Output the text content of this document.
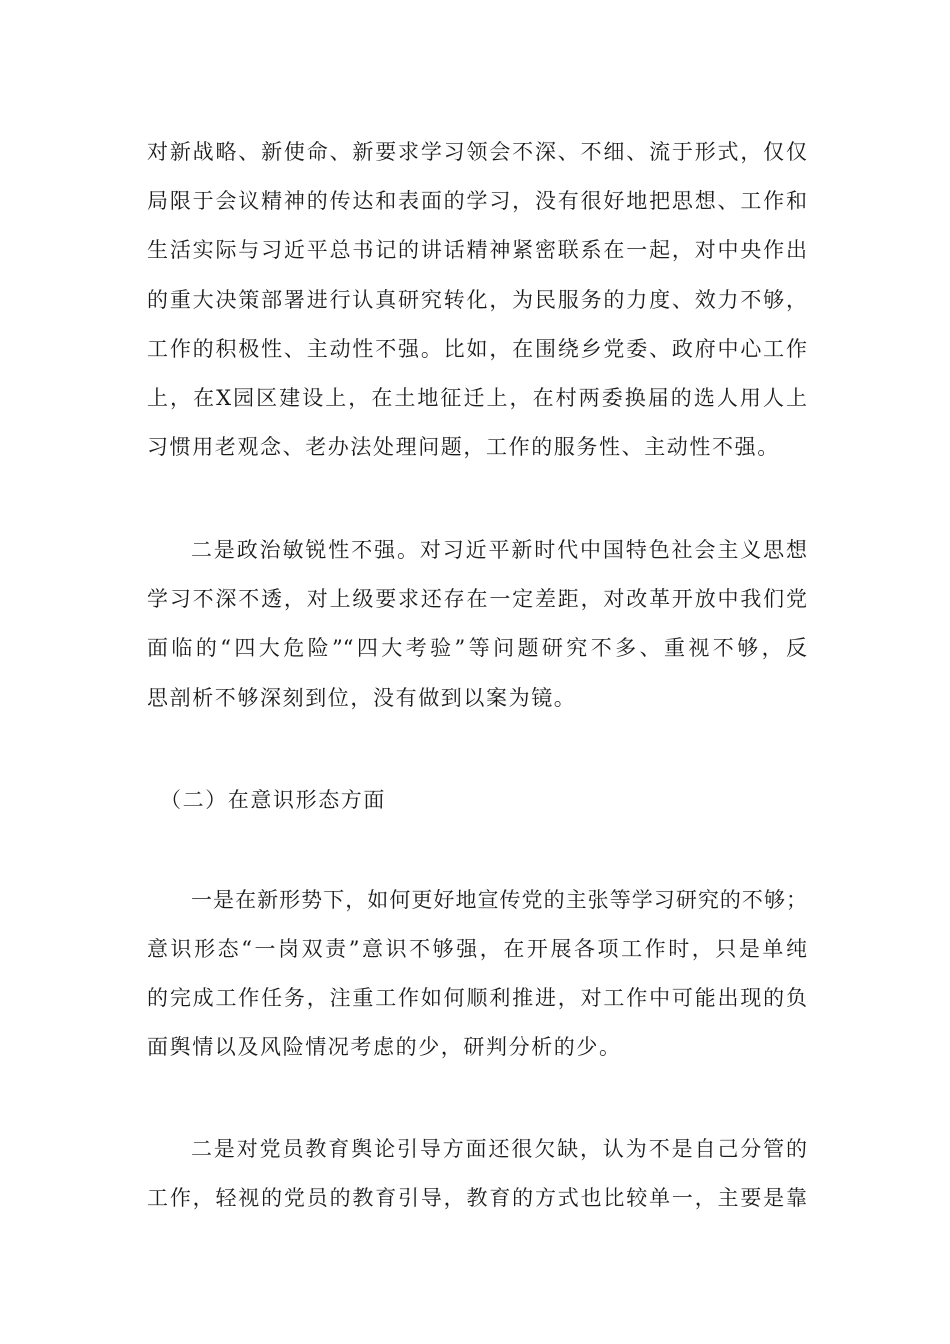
对新战略、新使命、新要求学习领会不深、不细、流于形式，仅仅
局限于会议精神的传达和表面的学习，没有很好地把思想、工作和
生活实际与习近平总书记的讲话精神紧密联系在一起，对中央作出
的重大决策部署进行认真研究转化，为民服务的力度、效力不够，
工作的积极性、主动性不强。比如，在围绕乡党委、政府中心工作
上，在X园区建设上，在土地征迁上，在村两委换届的选人用人上
习惯用老观念、老办法处理问题，工作的服务性、主动性不强。
二是政治敏锐性不强。对习近平新时代中国特色社会主义思想
学习不深不透，对上级要求还存在一定差距，对改革开放中我们党
面临的“四大危险”“四大考验”等问题研究不多、重视不够，反
思剖析不够深刻到位，没有做到以案为镜。
（二）在意识形态方面
一是在新形势下，如何更好地宣传党的主张等学习研究的不够；
意识形态“一岗双责”意识不够强，在开展各项工作时，只是单纯
的完成工作任务，注重工作如何顺利推进，对工作中可能出现的负
面舆情以及风险情况考虑的少，研判分析的少。
二是对党员教育舆论引导方面还很欠缺，认为不是自己分管的
工作，轻视的党员的教育引导，教育的方式也比较单一，主要是靠
